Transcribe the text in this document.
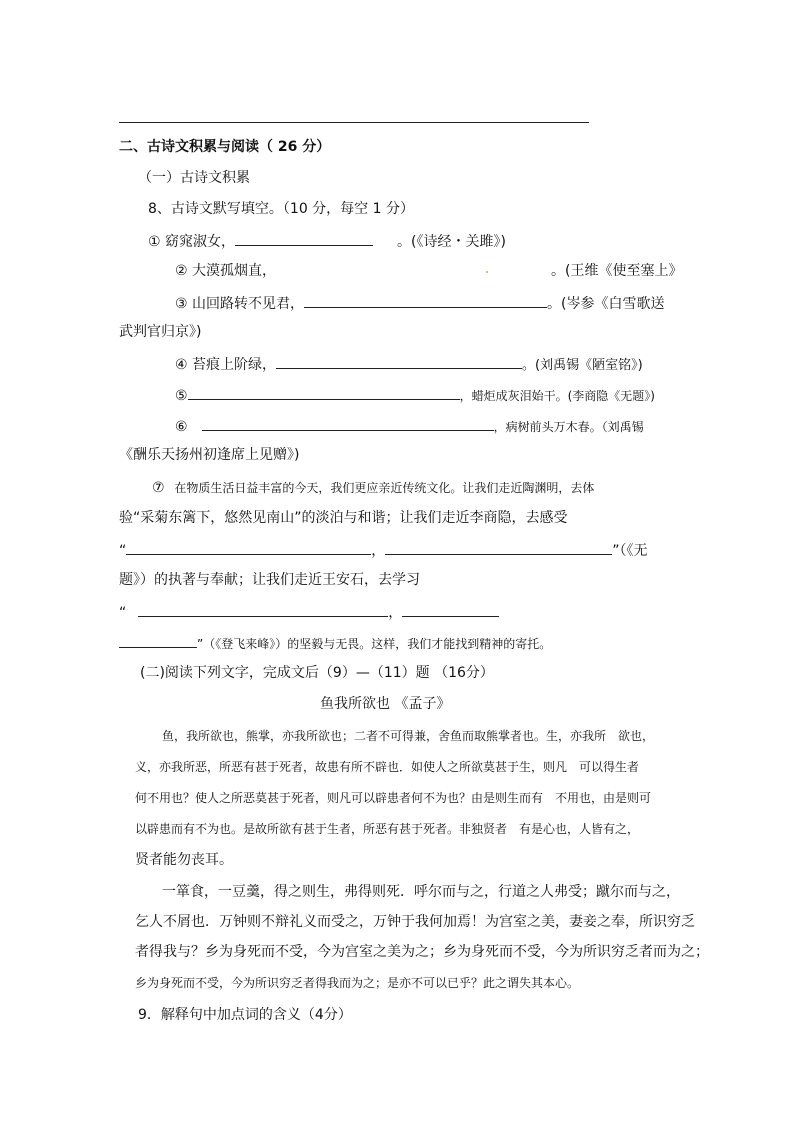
二、古诗文积累与阅读（ 26 分）
（一）古诗文积累
8、古诗文默写填空。（10 分，每空 1 分）
① 窈窕淑女，	。(《诗经・关雎》)
② 大漠孤烟直，	。(王维《使至塞上》
③ 山回路转不见君，	。(岑参《白雪歌送
武判官归京》)
④ 苔痕上阶绿，	。(刘禹锡《陋室铭》)
⑤	，蜡炬成灰泪始干。(李商隐《无题》)
⑥	，病树前头万木春。（刘禹锡
《酬乐天扬州初逢席上见赠》)
⑦ 在物质生活日益丰富的今天，我们更应亲近传统文化。让我们走近陶渊明，去体
验“采菊东篱下，悠然见南山”的淡泊与和谐；让我们走近李商隐，去感受
“	，	”（《无
题》）的执著与奉献；让我们走近王安石，去学习
“	，
”（《登飞来峰》）的坚毅与无畏。这样，我们才能找到精神的寄托。
(二)阅读下列文字，完成文后（9）—（11）题 （16分）
鱼我所欲也 《孟子》
鱼，我所欲也，熊掌，亦我所欲也；二者不可得兼，舍鱼而取熊掌者也。生，亦我所　欲也，
义，亦我所恶，所恶有甚于死者，故患有所不辟也．如使人之所欲莫甚于生，则凡　可以得生者
何不用也？使人之所恶莫甚于死者，则凡可以辟患者何不为也？由是则生而有　不用也，由是则可
以辟患而有不为也。是故所欲有甚于生者，所恶有甚于死者。非独贤者　有是心也，人皆有之，
贤者能勿丧耳。
一箪食，一豆羹，得之则生，弗得则死．呼尔而与之，行道之人弗受；蹴尔而与之，
乞人不屑也．万钟则不辩礼义而受之，万钟于我何加焉！为宫室之美，妻妾之奉，所识穷乏
者得我与？乡为身死而不受，今为宫室之美为之；乡为身死而不受，今为所识穷乏者而为之；
乡为身死而不受，今为所识穷乏者得我而为之；是亦不可以已乎？此之谓失其本心。
9．解释句中加点词的含义（4分）
